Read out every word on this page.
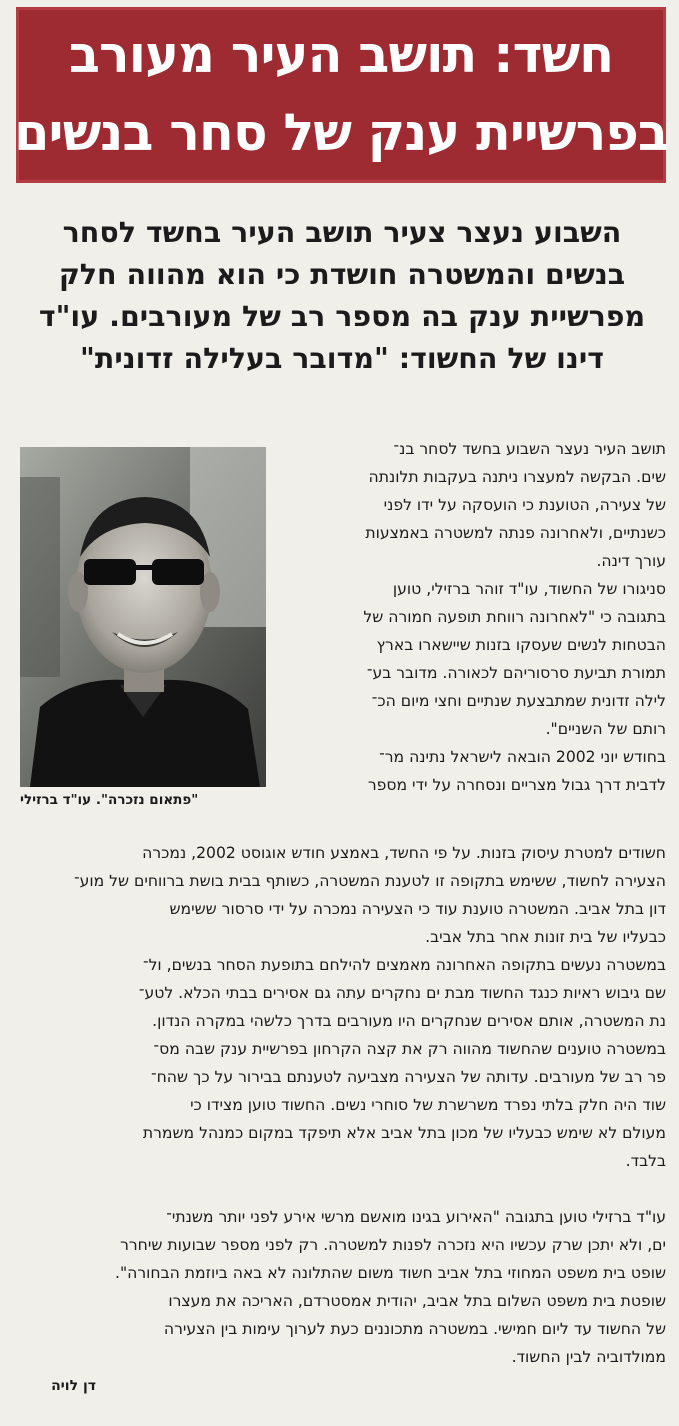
חשד: תושב העיר מעורב
בפרשיית ענק של סחר בנשים
השבוע נעצר צעיר תושב העיר בחשד לסחר
בנשים והמשטרה חושדת כי הוא מהווה חלק
מפרשיית ענק בה מספר רב של מעורבים. עו"ד
דינו של החשוד: "מדובר בעלילה זדונית"
"פתאום נזכרה". עו"ד ברזילי
תושב העיר נעצר השבוע בחשד לסחר בנ־
שים. הבקשה למעצרו ניתנה בעקבות תלונתה
של צעירה, הטוענת כי הועסקה על ידו לפני
כשנתיים, ולאחרונה פנתה למשטרה באמצעות
עורך דינה.
סניגורו של החשוד, עו"ד זוהר ברזילי, טוען
בתגובה כי "לאחרונה רווחת תופעה חמורה של
הבטחות לנשים שעסקו בזנות שיישארו בארץ
תמורת תביעת סרסוריהם לכאורה. מדובר בע־
לילה זדונית שמתבצעת שנתיים וחצי מיום הכ־
רותם של השניים".
בחודש יוני 2002 הובאה לישראל נתינה מר־
לדבית דרך גבול מצריים ונסחרה על ידי מספר
חשודים למטרת עיסוק בזנות. על פי החשד, באמצע חודש אוגוסט 2002, נמכרה
הצעירה לחשוד, ששימש בתקופה זו לטענת המשטרה, כשותף בבית בושת ברווחים של מוע־
דון בתל אביב. המשטרה טוענת עוד כי הצעירה נמכרה על ידי סרסור ששימש
כבעליו של בית זונות אחר בתל אביב.
במשטרה נעשים בתקופה האחרונה מאמצים להילחם בתופעת הסחר בנשים, ול־
שם גיבוש ראיות כנגד החשוד מבת ים נחקרים עתה גם אסירים בבתי הכלא. לטע־
נת המשטרה, אותם אסירים שנחקרים היו מעורבים בדרך כלשהי במקרה הנדון.
במשטרה טוענים שהחשוד מהווה רק את קצה הקרחון בפרשיית ענק שבה מס־
פר רב של מעורבים. עדותה של הצעירה מצביעה לטענתם בבירור על כך שהח־
שוד היה חלק בלתי נפרד משרשרת של סוחרי נשים. החשוד טוען מצידו כי
מעולם לא שימש כבעליו של מכון בתל אביב אלא תיפקד במקום כמנהל משמרת
בלבד.
עו"ד ברזילי טוען בתגובה "האירוע בגינו מואשם מרשי אירע לפני יותר משנתי־
ים, ולא יתכן שרק עכשיו היא נזכרה לפנות למשטרה. רק לפני מספר שבועות שיחרר
שופט בית משפט המחוזי בתל אביב חשוד משום שהתלונה לא באה ביוזמת הבחורה".
שופטת בית משפט השלום בתל אביב, יהודית אמסטרדם, האריכה את מעצרו
של החשוד עד ליום חמישי. במשטרה מתכוננים כעת לערוך עימות בין הצעירה
ממולדוביה לבין החשוד.
דן לויה
